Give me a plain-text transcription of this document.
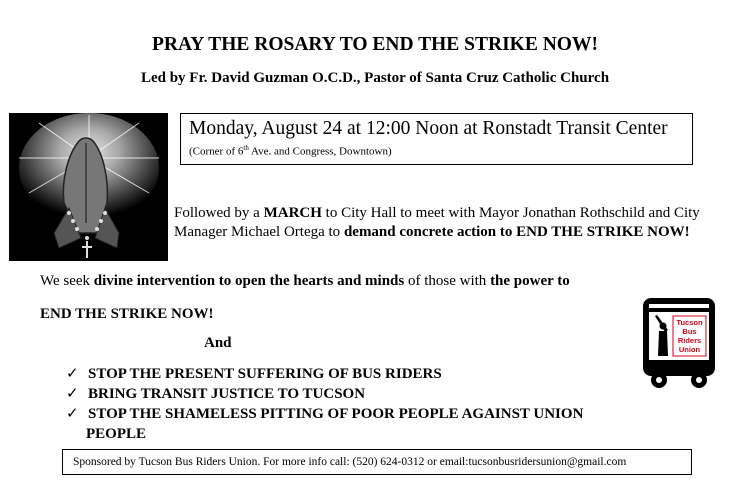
PRAY THE ROSARY TO END THE STRIKE NOW!
Led by Fr. David Guzman O.C.D., Pastor of Santa Cruz Catholic Church
Monday, August 24 at 12:00 Noon at Ronstadt Transit Center
(Corner of 6th Ave. and Congress, Downtown)
Followed by a MARCH to City Hall to meet with Mayor Jonathan Rothschild and City Manager Michael Ortega to demand concrete action to END THE STRIKE NOW!
We seek divine intervention to open the hearts and minds of those with the power to
END THE STRIKE NOW!
And
✓ STOP THE PRESENT SUFFERING OF BUS RIDERS
✓ BRING TRANSIT JUSTICE TO TUCSON
✓ STOP THE SHAMELESS PITTING OF POOR PEOPLE AGAINST UNION
PEOPLE
Tucson
Bus
Riders
Union
Sponsored by Tucson Bus Riders Union. For more info call: (520) 624-0312 or email:tucsonbusridersunion@gmail.com
